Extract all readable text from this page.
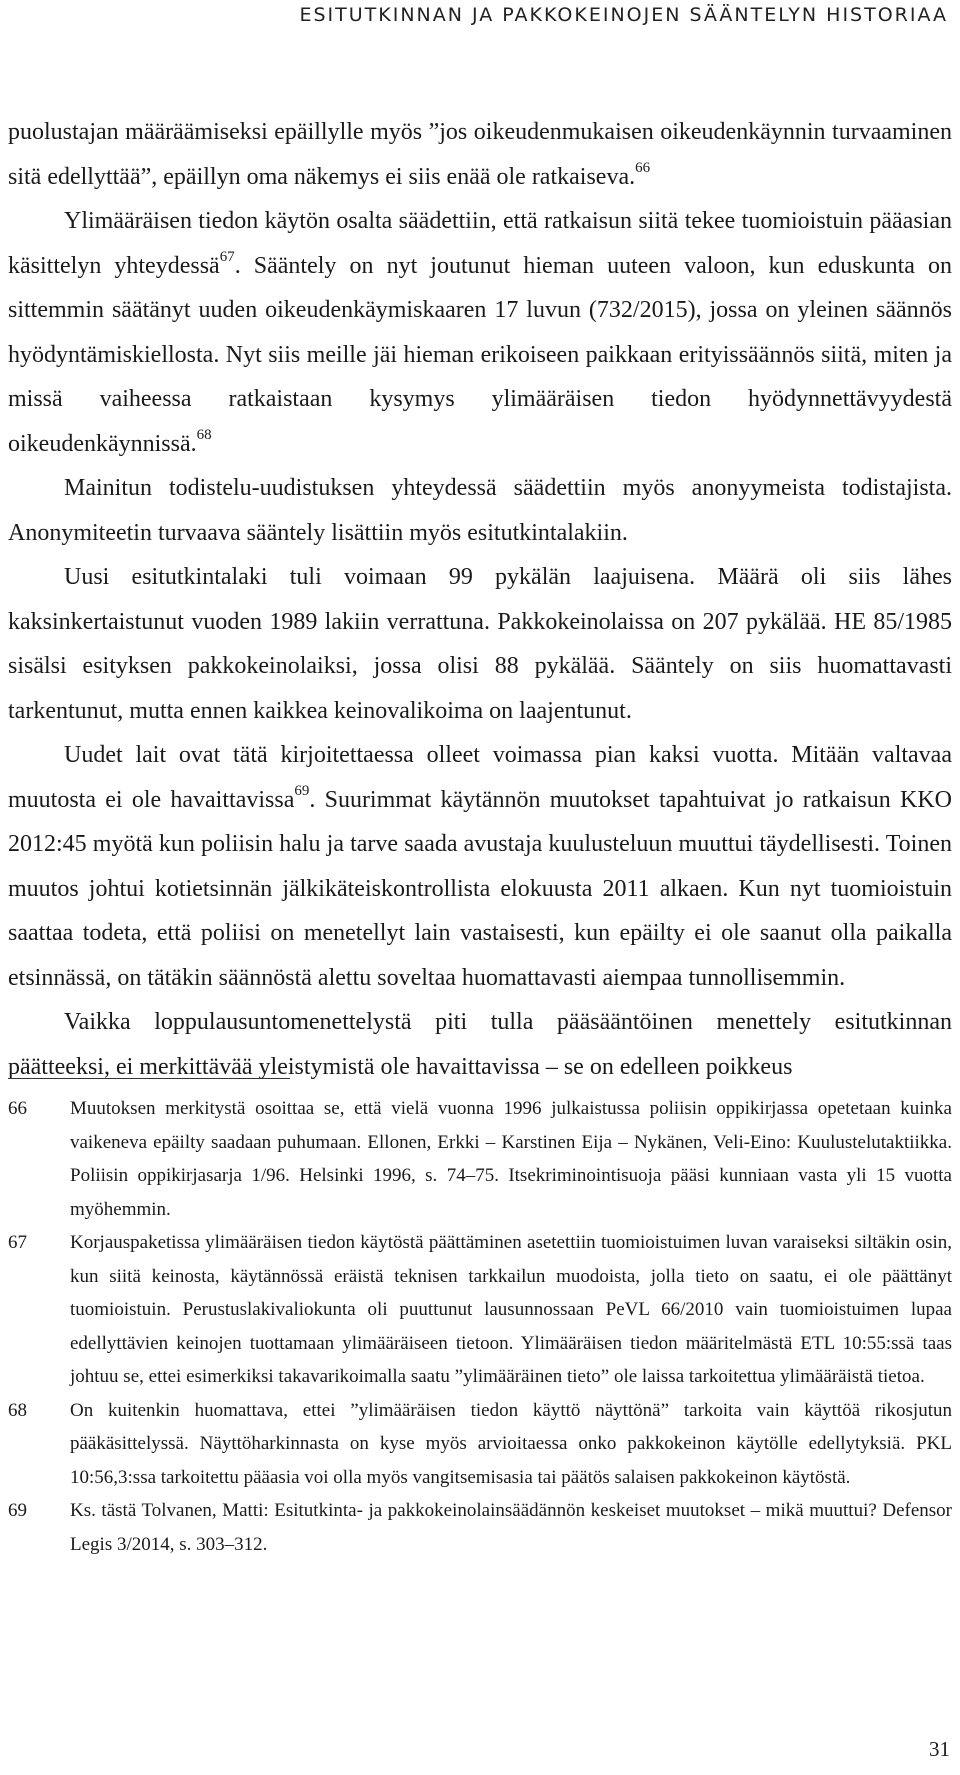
ESITUTKINNAN JA PAKKOKEINOJEN SÄÄNTELYN HISTORIAA

puolustajan määräämiseksi epäillylle myös ”jos oikeudenmukaisen oikeudenkäynnin turvaaminen sitä edellyttää”, epäillyn oma näkemys ei siis enää ole ratkaiseva.$^{66}$

Ylimääräisen tiedon käytön osalta säädettiin, että ratkaisun siitä tekee tuomioistuin pääasian käsittelyn yhteydessä$^{67}$. Sääntely on nyt joutunut hieman uuteen valoon, kun eduskunta on sittemmin säätänyt uuden oikeudenkäymiskaaren 17 luvun (732/2015), jossa on yleinen säännös hyödyntämiskiellosta. Nyt siis meille jäi hieman erikoiseen paikkaan erityissäännös siitä, miten ja missä vaiheessa ratkaistaan kysymys ylimääräisen tiedon hyödynnettävyydestä oikeudenkäynnissä.$^{68}$

Mainitun todistelu-uudistuksen yhteydessä säädettiin myös anonyymeista todistajista. Anonymiteetin turvaava sääntely lisättiin myös esitutkintalakiin.

Uusi esitutkintalaki tuli voimaan 99 pykälän laajuisena. Määrä oli siis lähes kaksinkertaistunut vuoden 1989 lakiin verrattuna. Pakkokeinolaissa on 207 pykälää. HE 85/1985 sisälsi esityksen pakkokeinolaiksi, jossa olisi 88 pykälää. Sääntely on siis huomattavasti tarkentunut, mutta ennen kaikkea keinovalikoima on laajentunut.

Uudet lait ovat tätä kirjoitettaessa olleet voimassa pian kaksi vuotta. Mitään valtavaa muutosta ei ole havaittavissa$^{69}$. Suurimmat käytännön muutokset tapahtuivat jo ratkaisun KKO 2012:45 myötä kun poliisin halu ja tarve saada avustaja kuulusteluun muuttui täydellisesti. Toinen muutos johtui kotietsinnän jälkikäteiskontrollista elokuusta 2011 alkaen. Kun nyt tuomioistuin saattaa todeta, että poliisi on menetellyt lain vastaisesti, kun epäilty ei ole saanut olla paikalla etsinnässä, on tätäkin säännöstä alettu soveltaa huomattavasti aiempaa tunnollisemmin.

Vaikka loppulausuntomenettelystä piti tulla pääsääntöinen menettely esitutkinnan päätteeksi, ei merkittävää yleistymistä ole havaittavissa – se on edelleen poikkeus

66	Muutoksen merkitystä osoittaa se, että vielä vuonna 1996 julkaistussa poliisin oppikirjassa opetetaan kuinka vaikeneva epäilty saadaan puhumaan. Ellonen, Erkki – Karstinen Eija – Nykänen, Veli-Eino: Kuulustelutaktiikka. Poliisin oppikirjasarja 1/96. Helsinki 1996, s. 74–75. Itsekriminointisuoja pääsi kunniaan vasta yli 15 vuotta myöhemmin.
67	Korjauspaketissa ylimääräisen tiedon käytöstä päättäminen asetettiin tuomioistuimen luvan varaiseksi siltäkin osin, kun siitä keinosta, käytännössä eräistä teknisen tarkkailun muodoista, jolla tieto on saatu, ei ole päättänyt tuomioistuin. Perustuslakivaliokunta oli puuttunut lausunnossaan PeVL 66/2010 vain tuomioistuimen lupaa edellyttävien keinojen tuottamaan ylimääräiseen tietoon. Ylimääräisen tiedon määritelmästä ETL 10:55:ssä taas johtuu se, ettei esimerkiksi takavarikoimalla saatu ”ylimääräinen tieto” ole laissa tarkoitettua ylimääräistä tietoa.
68	On kuitenkin huomattava, ettei ”ylimääräisen tiedon käyttö näyttönä” tarkoita vain käyttöä rikosjutun pääkäsittelyssä. Näyttöharkinnasta on kyse myös arvioitaessa onko pakkokeinon käytölle edellytyksiä. PKL 10:56,3:ssa tarkoitettu pääasia voi olla myös vangitsemisasia tai päätös salaisen pakkokeinon käytöstä.
69	Ks. tästä Tolvanen, Matti: Esitutkinta- ja pakkokeinolainsäädännön keskeiset muutokset – mikä muuttui? Defensor Legis 3/2014, s. 303–312.
31
